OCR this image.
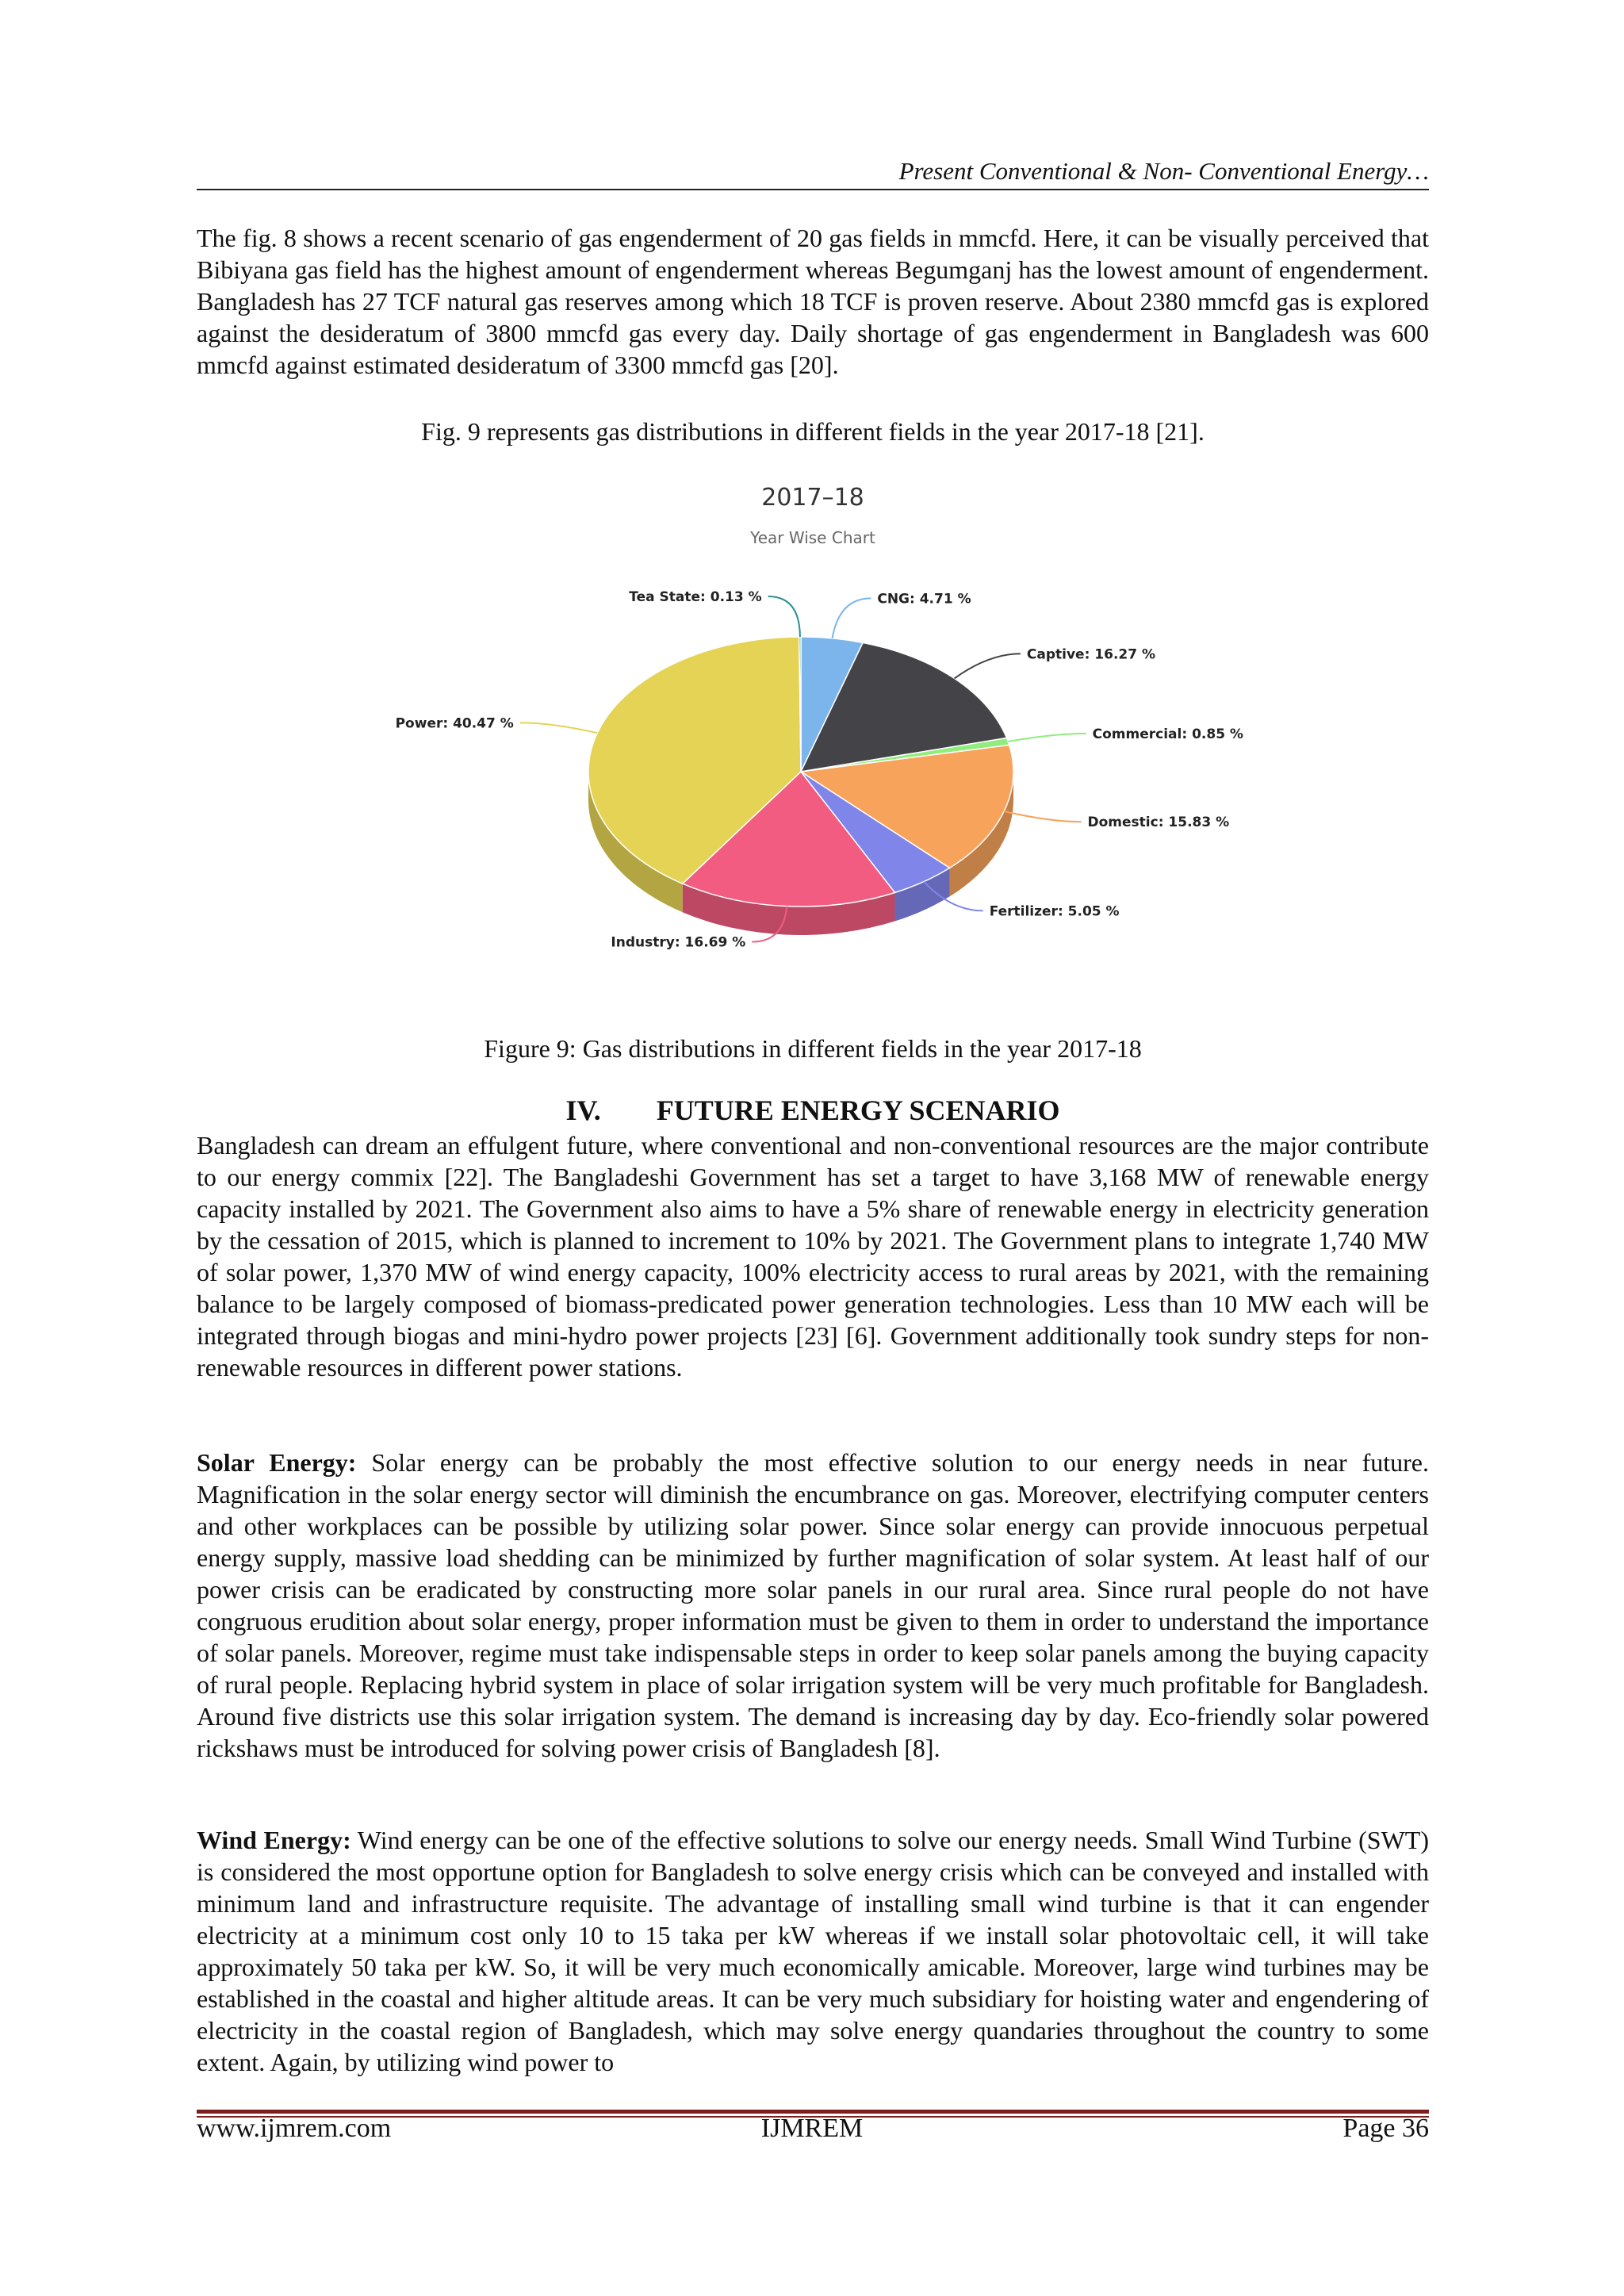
Present Conventional & Non- Conventional Energy…

The fig. 8 shows a recent scenario of gas engenderment of 20 gas fields in mmcfd. Here, it can be visually perceived that Bibiyana gas field has the highest amount of engenderment whereas Begumganj has the lowest amount of engenderment. Bangladesh has 27 TCF natural gas reserves among which 18 TCF is proven reserve. About 2380 mmcfd gas is explored against the desideratum of 3800 mmcfd gas every day. Daily shortage of gas engenderment in Bangladesh was 600 mmcfd against estimated desideratum of 3300 mmcfd gas [20].

Fig. 9 represents gas distributions in different fields in the year 2017-18 [21].
2017–18
Year Wise Chart
CNG: 4.71 %
Captive: 16.27 %
Commercial: 0.85 %
Domestic: 15.83 %
Fertilizer: 5.05 %
Industry: 16.69 %
Power: 40.47 %
Tea State: 0.13 %
Figure 9: Gas distributions in different fields in the year 2017-18
IV. FUTURE ENERGY SCENARIO

Bangladesh can dream an effulgent future, where conventional and non-conventional resources are the major contribute to our energy commix [22]. The Bangladeshi Government has set a target to have 3,168 MW of renewable energy capacity installed by 2021. The Government also aims to have a 5% share of renewable energy in electricity generation by the cessation of 2015, which is planned to increment to 10% by 2021. The Government plans to integrate 1,740 MW of solar power, 1,370 MW of wind energy capacity, 100% electricity access to rural areas by 2021, with the remaining balance to be largely composed of biomass-predicated power generation technologies. Less than 10 MW each will be integrated through biogas and mini-hydro power projects [23] [6]. Government additionally took sundry steps for non-renewable resources in different power stations.

Solar Energy: Solar energy can be probably the most effective solution to our energy needs in near future. Magnification in the solar energy sector will diminish the encumbrance on gas. Moreover, electrifying computer centers and other workplaces can be possible by utilizing solar power. Since solar energy can provide innocuous perpetual energy supply, massive load shedding can be minimized by further magnification of solar system. At least half of our power crisis can be eradicated by constructing more solar panels in our rural area. Since rural people do not have congruous erudition about solar energy, proper information must be given to them in order to understand the importance of solar panels. Moreover, regime must take indispensable steps in order to keep solar panels among the buying capacity of rural people. Replacing hybrid system in place of solar irrigation system will be very much profitable for Bangladesh. Around five districts use this solar irrigation system. The demand is increasing day by day. Eco-friendly solar powered rickshaws must be introduced for solving power crisis of Bangladesh [8].

Wind Energy: Wind energy can be one of the effective solutions to solve our energy needs. Small Wind Turbine (SWT) is considered the most opportune option for Bangladesh to solve energy crisis which can be conveyed and installed with minimum land and infrastructure requisite. The advantage of installing small wind turbine is that it can engender electricity at a minimum cost only 10 to 15 taka per kW whereas if we install solar photovoltaic cell, it will take approximately 50 taka per kW. So, it will be very much economically amicable. Moreover, large wind turbines may be established in the coastal and higher altitude areas. It can be very much subsidiary for hoisting water and engendering of electricity in the coastal region of Bangladesh, which may solve energy quandaries throughout the country to some extent. Again, by utilizing wind power to

www.ijmrem.com	IJMREM	Page 36
